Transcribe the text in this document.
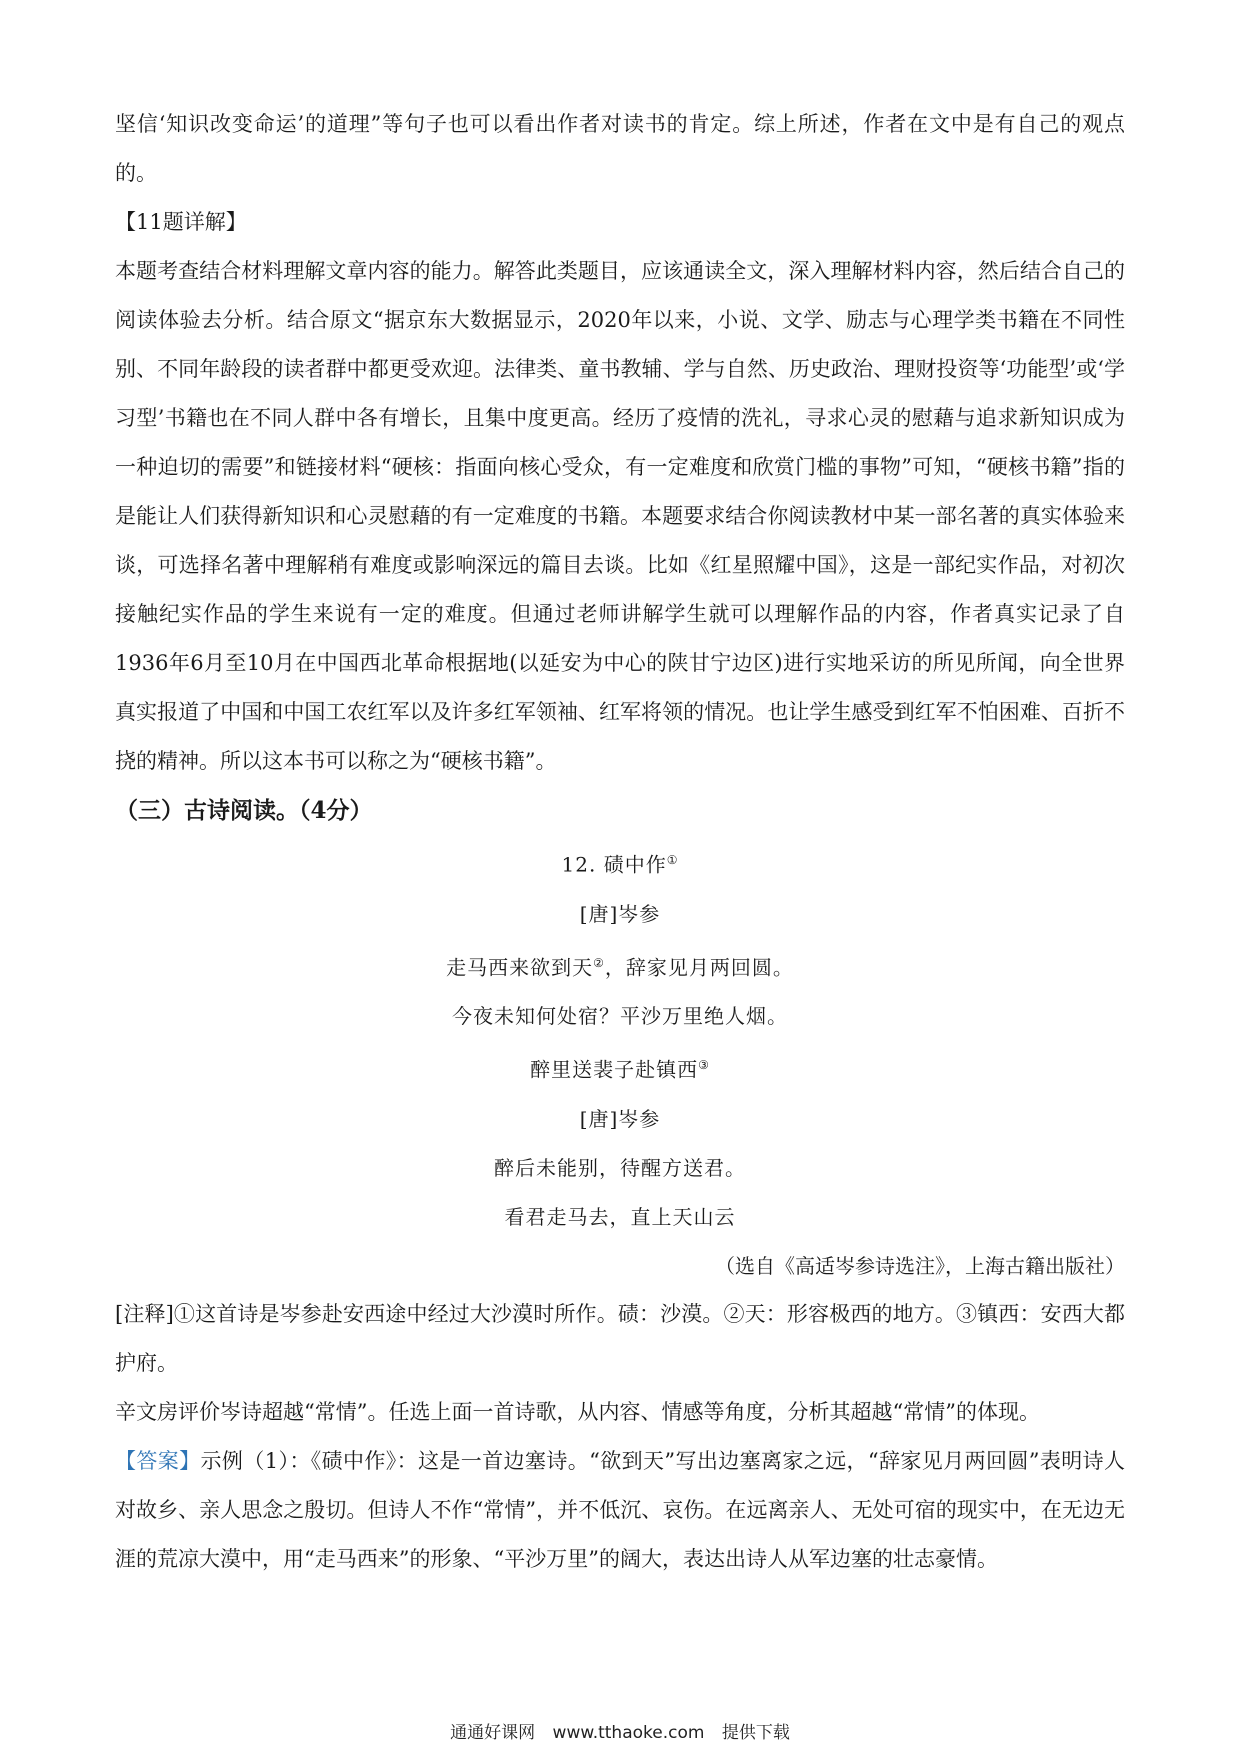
坚信‘知识改变命运’的道理”等句子也可以看出作者对读书的肯定。综上所述，作者在文中是有自己的观点的。

【11题详解】

本题考查结合材料理解文章内容的能力。解答此类题目，应该通读全文，深入理解材料内容，然后结合自己的阅读体验去分析。结合原文“据京东大数据显示，2020年以来，小说、文学、励志与心理学类书籍在不同性别、不同年龄段的读者群中都更受欢迎。法律类、童书教辅、学与自然、历史政治、理财投资等‘功能型’或‘学习型’书籍也在不同人群中各有增长，且集中度更高。经历了疫情的洗礼，寻求心灵的慰藉与追求新知识成为一种迫切的需要”和链接材料“硬核：指面向核心受众，有一定难度和欣赏门槛的事物”可知，“硬核书籍”指的是能让人们获得新知识和心灵慰藉的有一定难度的书籍。本题要求结合你阅读教材中某一部名著的真实体验来谈，可选择名著中理解稍有难度或影响深远的篇目去谈。比如《红星照耀中国》，这是一部纪实作品，对初次接触纪实作品的学生来说有一定的难度。但通过老师讲解学生就可以理解作品的内容，作者真实记录了自1936年6月至10月在中国西北革命根据地(以延安为中心的陕甘宁边区)进行实地采访的所见所闻，向全世界真实报道了中国和中国工农红军以及许多红军领袖、红军将领的情况。也让学生感受到红军不怕困难、百折不挠的精神。所以这本书可以称之为“硬核书籍”。

（三）古诗阅读。（4分）

12. 碛中作①

[唐]岑参

走马西来欲到天②，辞家见月两回圆。

今夜未知何处宿？平沙万里绝人烟。

醉里送裴子赴镇西③

[唐]岑参

醉后未能别，待醒方送君。

看君走马去，直上天山云

（选自《高适岑参诗选注》，上海古籍出版社）

[注释]①这首诗是岑参赴安西途中经过大沙漠时所作。碛：沙漠。②天：形容极西的地方。③镇西：安西大都护府。

辛文房评价岑诗超越“常情”。任选上面一首诗歌，从内容、情感等角度，分析其超越“常情”的体现。

【答案】示例（1）：《碛中作》：这是一首边塞诗。“欲到天”写出边塞离家之远，“辞家见月两回圆”表明诗人对故乡、亲人思念之殷切。但诗人不作“常情”，并不低沉、哀伤。在远离亲人、无处可宿的现实中，在无边无涯的荒凉大漠中，用“走马西来”的形象、“平沙万里”的阔大，表达出诗人从军边塞的壮志豪情。

通通好课网 www.tthaoke.com 提供下载
